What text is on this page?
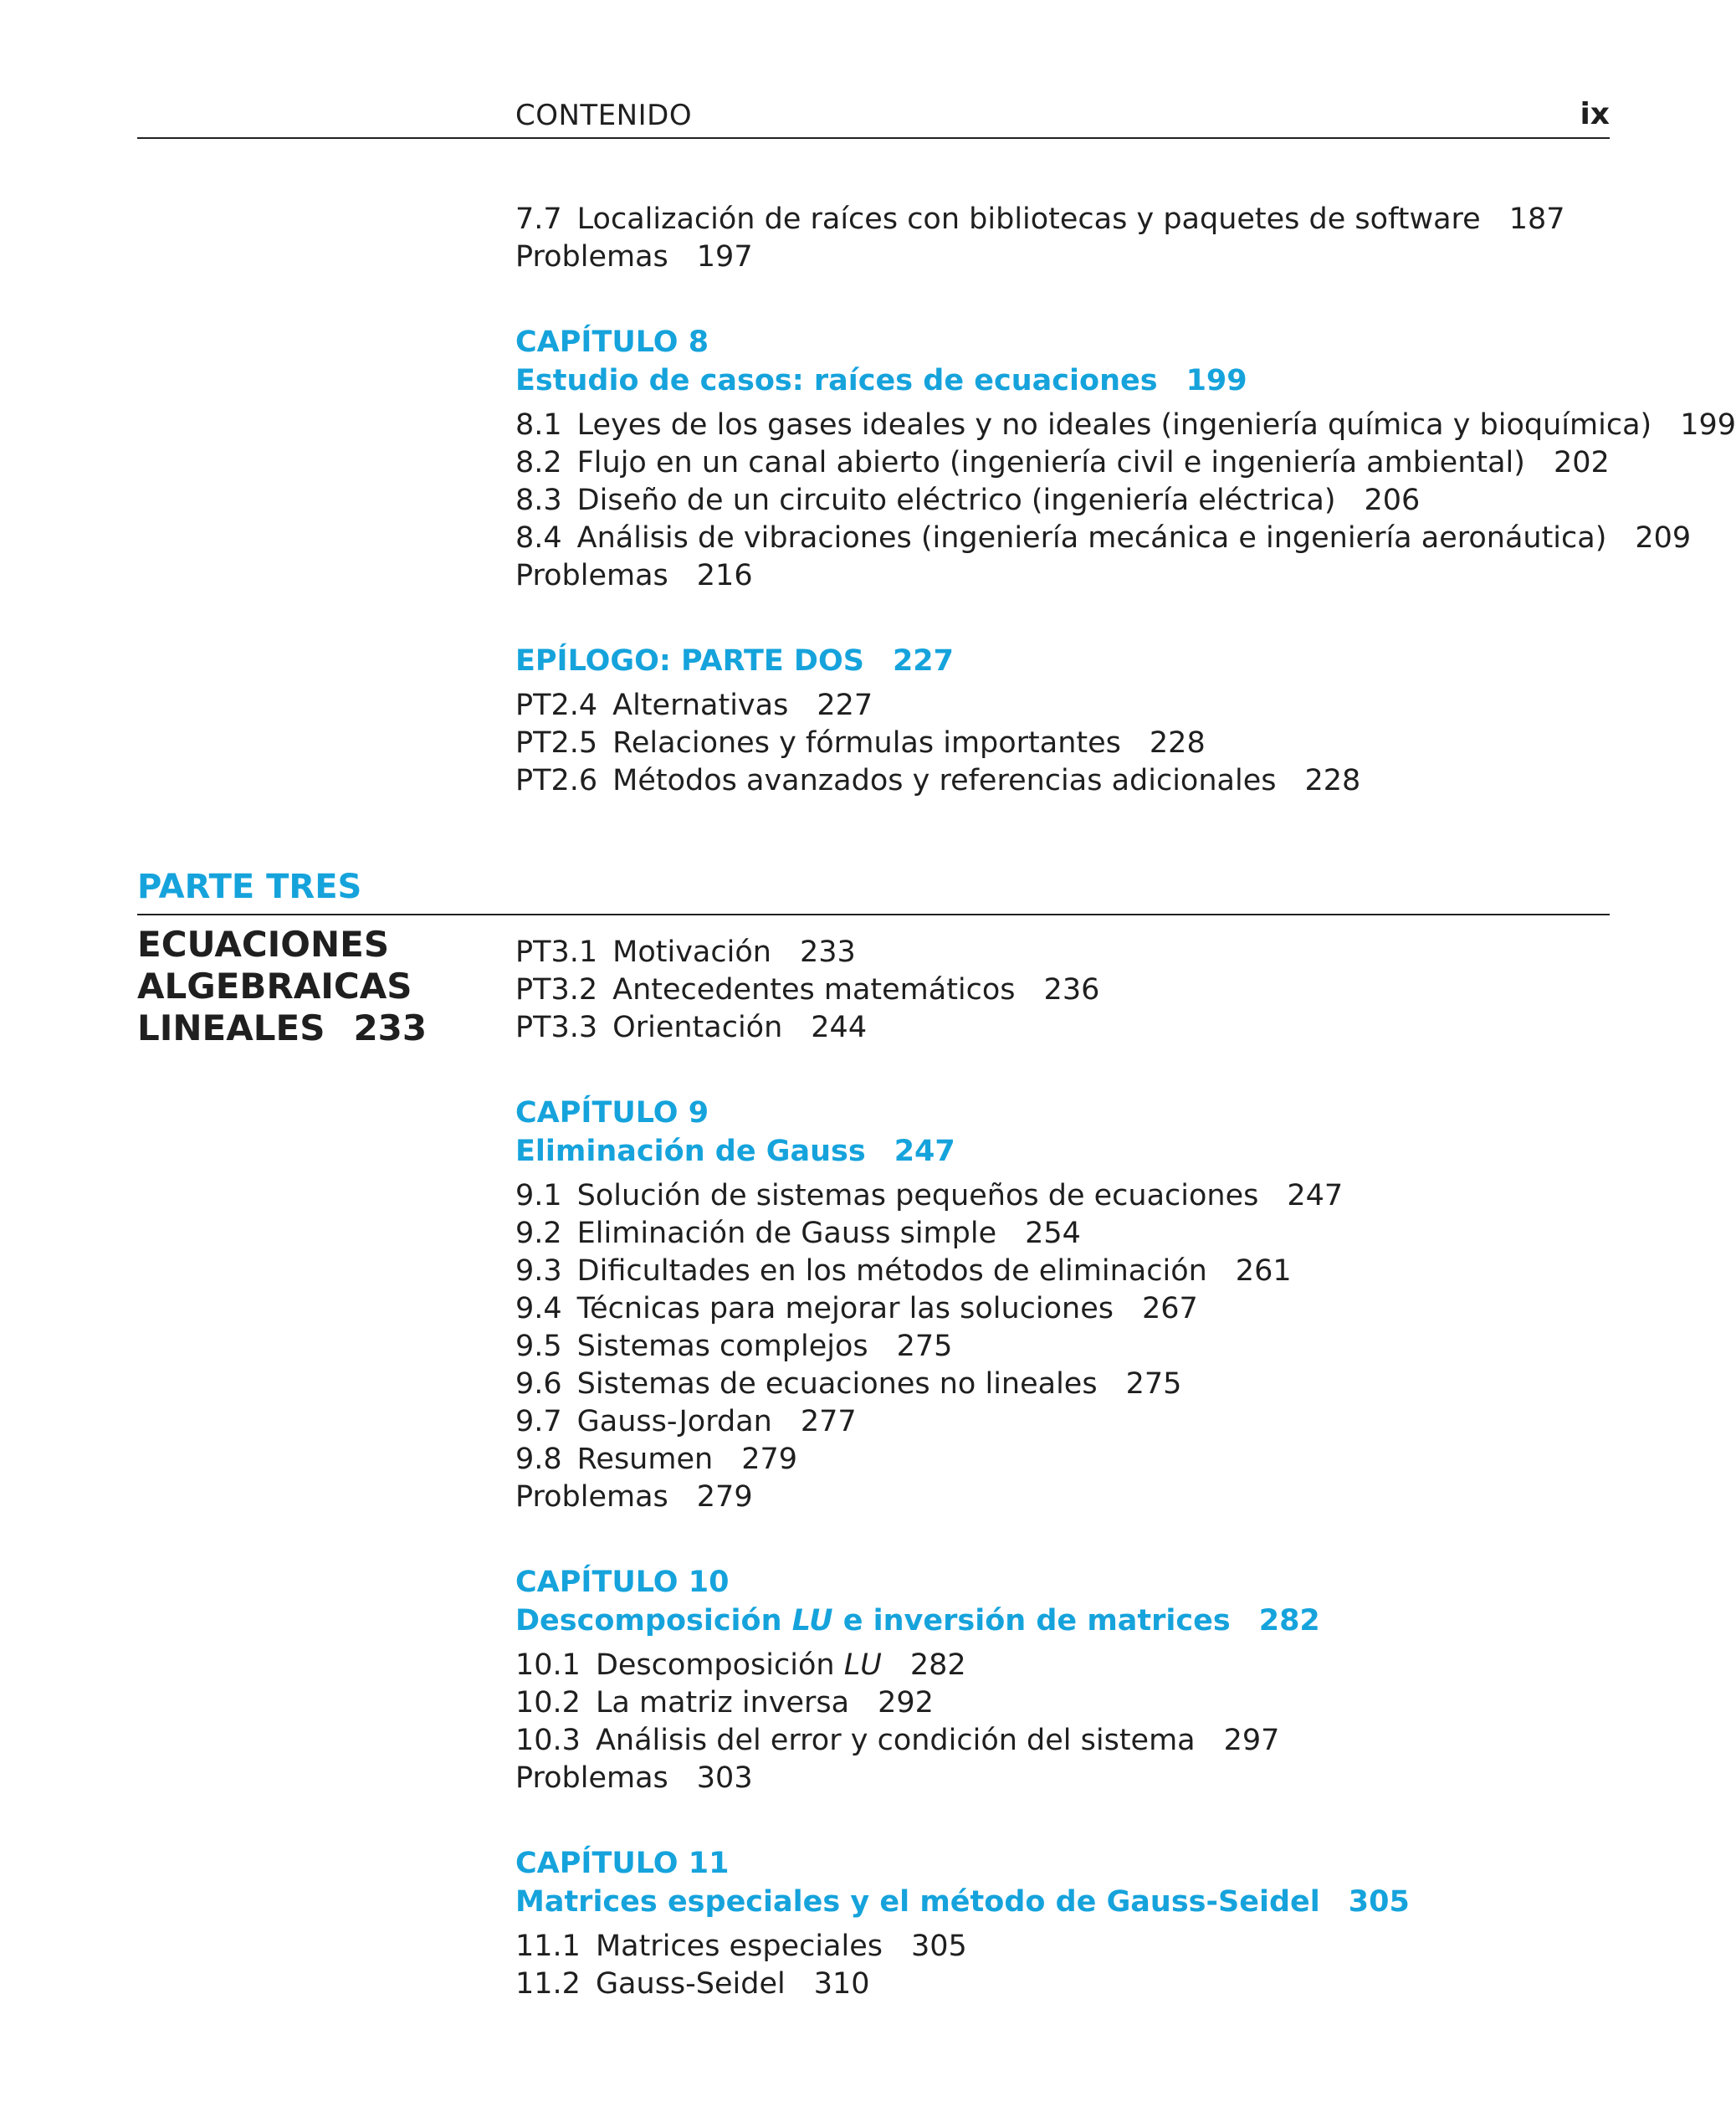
CONTENIDO	ix
7.7 Localización de raíces con bibliotecas y paquetes de software 187
Problemas 197
CAPÍTULO 8
Estudio de casos: raíces de ecuaciones 199
8.1 Leyes de los gases ideales y no ideales (ingeniería química y bioquímica) 199
8.2 Flujo en un canal abierto (ingeniería civil e ingeniería ambiental) 202
8.3 Diseño de un circuito eléctrico (ingeniería eléctrica) 206
8.4 Análisis de vibraciones (ingeniería mecánica e ingeniería aeronáutica) 209
Problemas 216
EPÍLOGO: PARTE DOS 227
PT2.4 Alternativas 227
PT2.5 Relaciones y fórmulas importantes 228
PT2.6 Métodos avanzados y referencias adicionales 228
PARTE TRES
ECUACIONES
ALGEBRAICAS
LINEALES 233
PT3.1 Motivación 233
PT3.2 Antecedentes matemáticos 236
PT3.3 Orientación 244
CAPÍTULO 9
Eliminación de Gauss 247
9.1 Solución de sistemas pequeños de ecuaciones 247
9.2 Eliminación de Gauss simple 254
9.3 Dificultades en los métodos de eliminación 261
9.4 Técnicas para mejorar las soluciones 267
9.5 Sistemas complejos 275
9.6 Sistemas de ecuaciones no lineales 275
9.7 Gauss-Jordan 277
9.8 Resumen 279
Problemas 279
CAPÍTULO 10
Descomposición LU e inversión de matrices 282
10.1 Descomposición LU 282
10.2 La matriz inversa 292
10.3 Análisis del error y condición del sistema 297
Problemas 303
CAPÍTULO 11
Matrices especiales y el método de Gauss-Seidel 305
11.1 Matrices especiales 305
11.2 Gauss-Seidel 310
